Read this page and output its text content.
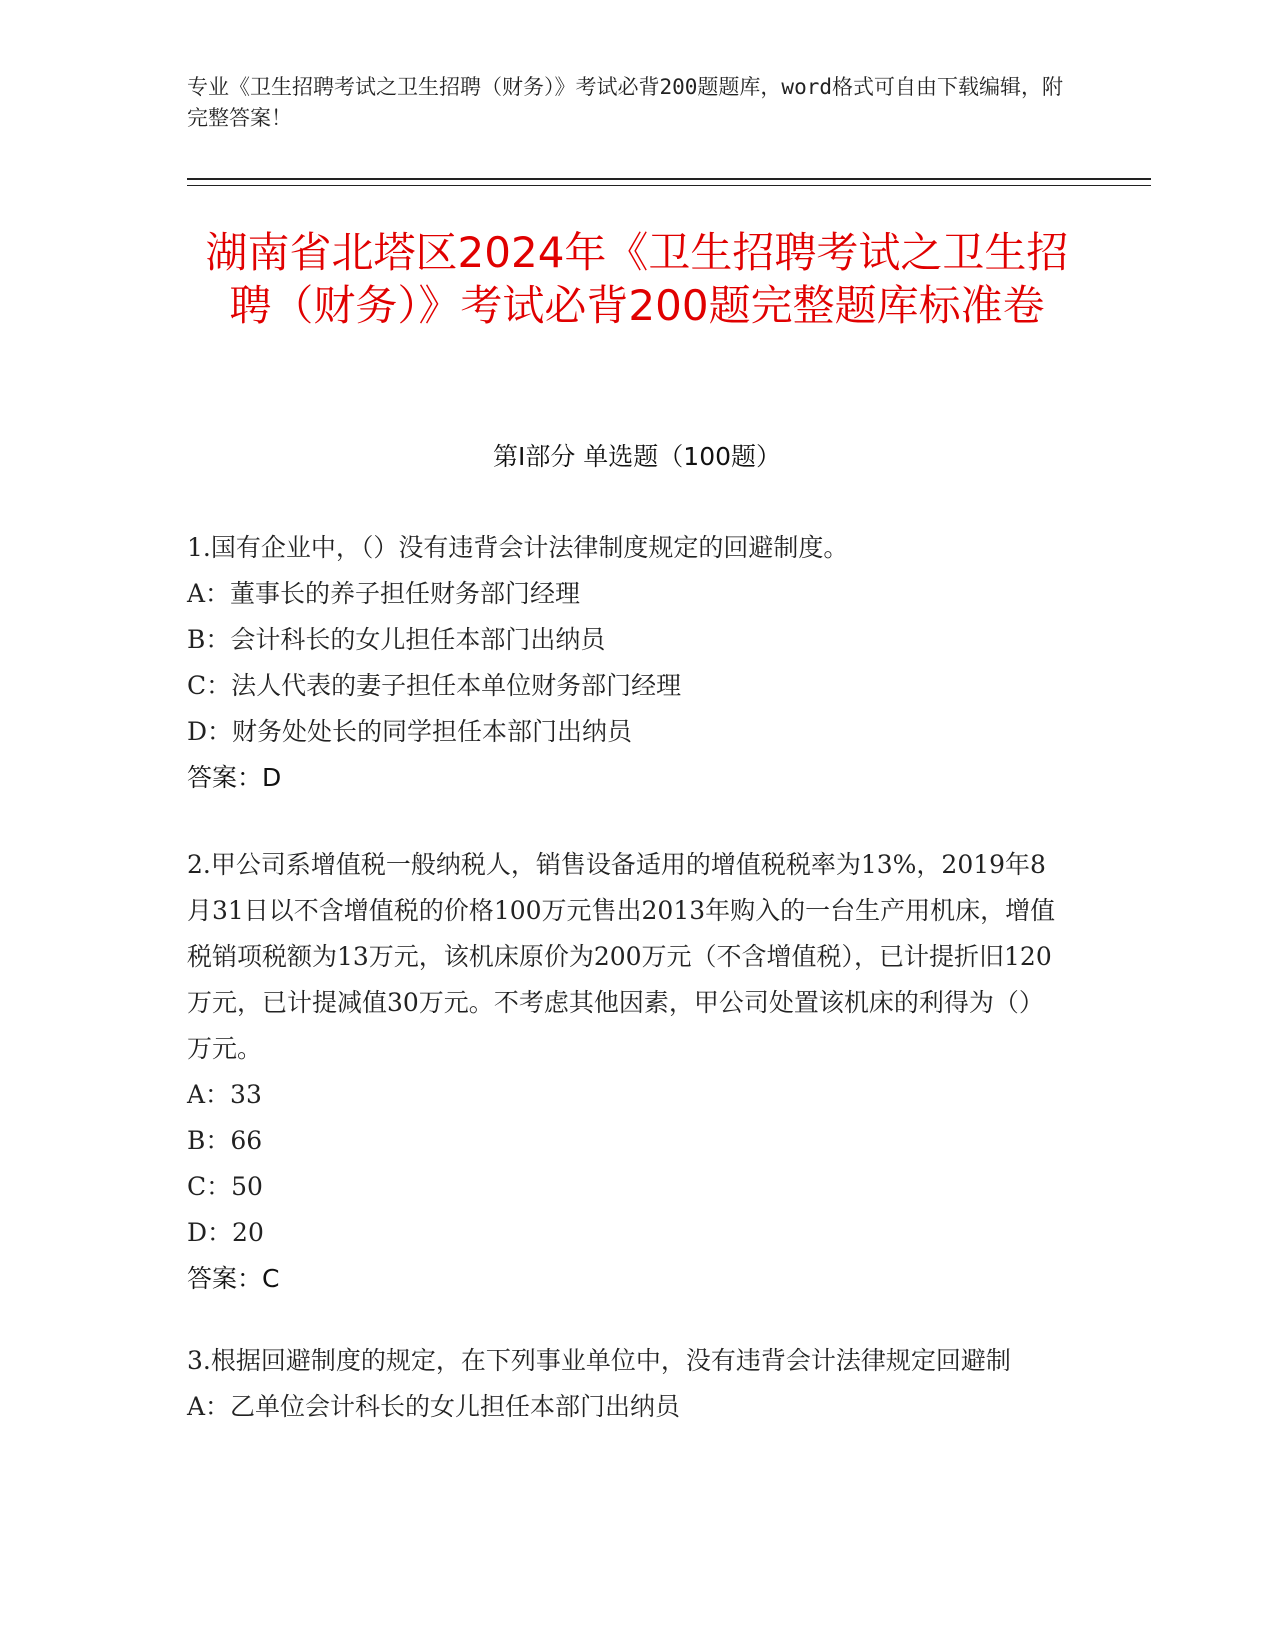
专业《卫生招聘考试之卫生招聘（财务）》考试必背200题题库，word格式可自由下载编辑，附完整答案！
湖南省北塔区2024年《卫生招聘考试之卫生招聘（财务）》考试必背200题完整题库标准卷
第Ⅰ部分 单选题（100题）
1.国有企业中，（）没有违背会计法律制度规定的回避制度。
A：董事长的养子担任财务部门经理
B：会计科长的女儿担任本部门出纳员
C：法人代表的妻子担任本单位财务部门经理
D：财务处处长的同学担任本部门出纳员
答案：D
2.甲公司系增值税一般纳税人，销售设备适用的增值税税率为13%，2019年8月31日以不含增值税的价格100万元售出2013年购入的一台生产用机床，增值税销项税额为13万元，该机床原价为200万元（不含增值税），已计提折旧120万元，已计提减值30万元。不考虑其他因素，甲公司处置该机床的利得为（）万元。
A：33
B：66
C：50
D：20
答案：C
3.根据回避制度的规定，在下列事业单位中，没有违背会计法律规定回避制
A：乙单位会计科长的女儿担任本部门出纳员
